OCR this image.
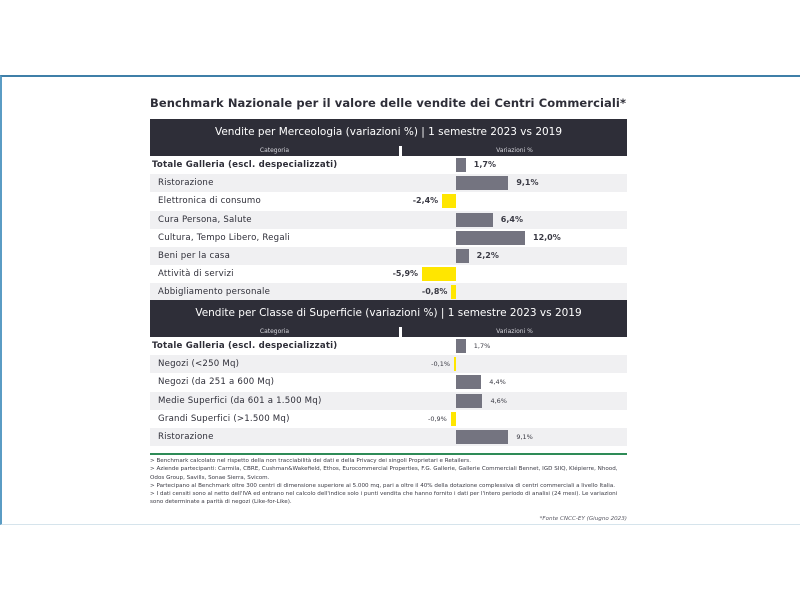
Benchmark Nazionale per il valore delle vendite dei Centri Commerciali*
Vendite per Merceologia (variazioni %) | 1 semestre 2023 vs 2019
Categoria	Variazioni %
Totale Galleria (escl. despecializzati)	1,7%
Ristorazione	9,1%
Elettronica di consumo	-2,4%
Cura Persona, Salute	6,4%
Cultura, Tempo Libero, Regali	12,0%
Beni per la casa	2,2%
Attività di servizi	-5,9%
Abbigliamento personale	-0,8%
Vendite per Classe di Superficie (variazioni %) | 1 semestre 2023 vs 2019
Categoria	Variazioni %
Totale Galleria (escl. despecializzati)	1,7%
Negozi (<250 Mq)	-0,1%
Negozi (da 251 a 600 Mq)	4,4%
Medie Superfici (da 601 a 1.500 Mq)	4,6%
Grandi Superfici (>1.500 Mq)	-0,9%
Ristorazione	9,1%

> Benchmark calcolato nel rispetto della non tracciabilità dei dati e della Privacy dei singoli Proprietari e Retailers.

> Aziende partecipanti: Carmila, CBRE, Cushman&Wakefield, Ethos, Eurocommercial Properties, F.G. Gallerie, Gallerie Commerciali Bennet, IGD SIIQ, Klépierre, Nhood, Odos Group, Savills, Sonae Sierra, Svicom.

> Partecipano al Benchmark oltre 300 centri di dimensione superiore ai 5.000 mq, pari a oltre il 40% della dotazione complessiva di centri commerciali a livello Italia.

> I dati censiti sono al netto dell'IVA ed entrano nel calcolo dell'indice solo i punti vendita che hanno fornito i dati per l'intero periodo di analisi (24 mesi). Le variazioni sono determinate a parità di negozi (Like-for-Like).

*Fonte CNCC-EY (Giugno 2023)
